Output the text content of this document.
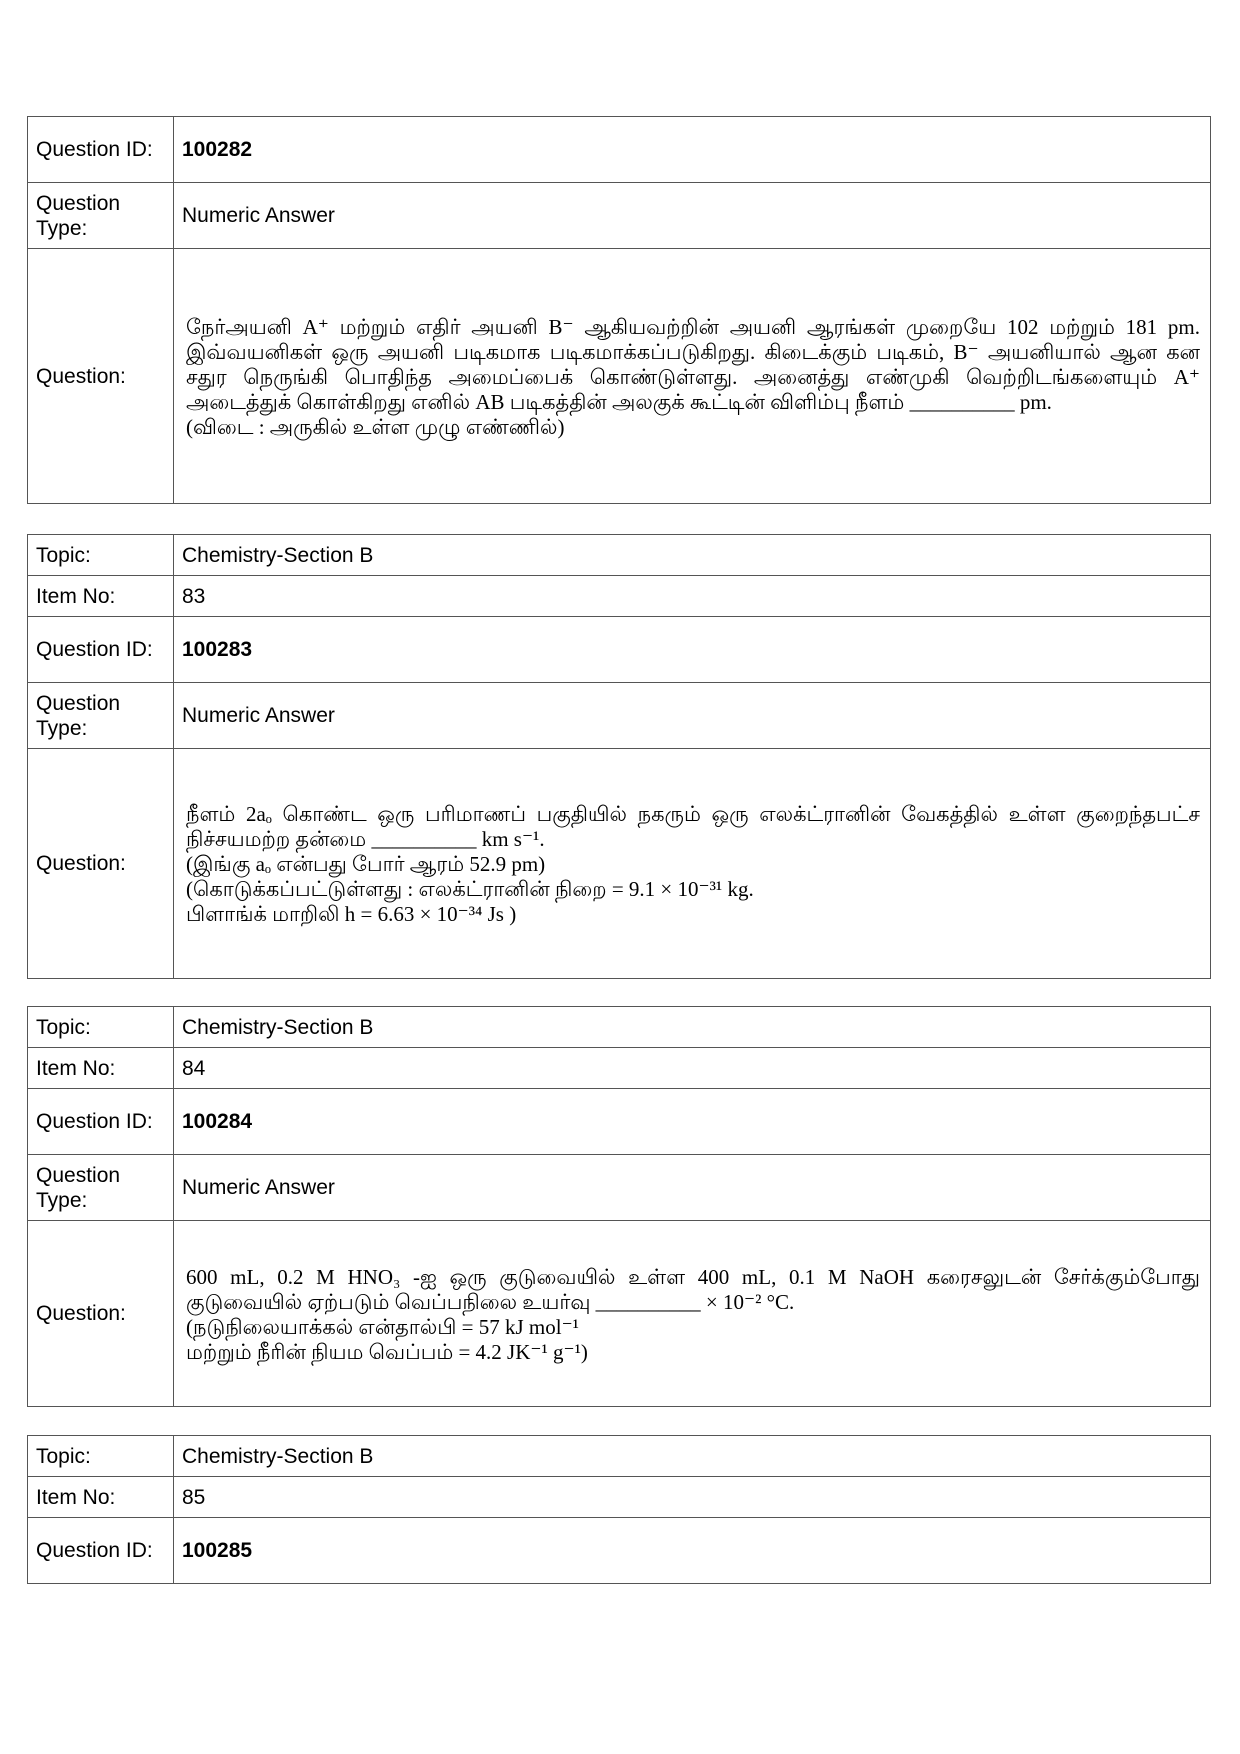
Question ID:	100282
Question Type:	Numeric Answer
Question:	நேர்அயனி A⁺ மற்றும் எதிர் அயனி B⁻ ஆகியவற்றின் அயனி ஆரங்கள் முறையே 102 மற்றும் 181 pm. இவ்வயனிகள் ஒரு அயனி படிகமாக படிகமாக்கப்படுகிறது. கிடைக்கும் படிகம், B⁻ அயனியால் ஆன கன சதுர நெருங்கி பொதிந்த அமைப்பைக் கொண்டுள்ளது. அனைத்து எண்முகி வெற்றிடங்களையும் A⁺ அடைத்துக் கொள்கிறது எனில் AB படிகத்தின் அலகுக் கூட்டின் விளிம்பு நீளம் __________ pm.

(விடை : அருகில் உள்ள முழு எண்ணில்)

Topic:	Chemistry-Section B
Item No:	83
Question ID:	100283
Question Type:	Numeric Answer
Question:	நீளம் 2aₒ கொண்ட ஒரு பரிமாணப் பகுதியில் நகரும் ஒரு எலக்ட்ரானின் வேகத்தில் உள்ள குறைந்தபட்ச நிச்சயமற்ற தன்மை __________ km s⁻¹.

(இங்கு aₒ என்பது போர் ஆரம் 52.9 pm)

(கொடுக்கப்பட்டுள்ளது : எலக்ட்ரானின் நிறை = 9.1 × 10⁻³¹ kg.

பிளாங்க் மாறிலி h = 6.63 × 10⁻³⁴ Js )

Topic:	Chemistry-Section B
Item No:	84
Question ID:	100284
Question Type:	Numeric Answer
Question:	600 mL, 0.2 M HNO₃ -ஐ ஒரு குடுவையில் உள்ள 400 mL, 0.1 M NaOH கரைசலுடன் சேர்க்கும்போது குடுவையில் ஏற்படும் வெப்பநிலை உயர்வு __________ × 10⁻² °C.

(நடுநிலையாக்கல் என்தால்பி = 57 kJ mol⁻¹

மற்றும் நீரின் நியம வெப்பம் = 4.2 JK⁻¹ g⁻¹)

Topic:	Chemistry-Section B
Item No:	85
Question ID:	100285
